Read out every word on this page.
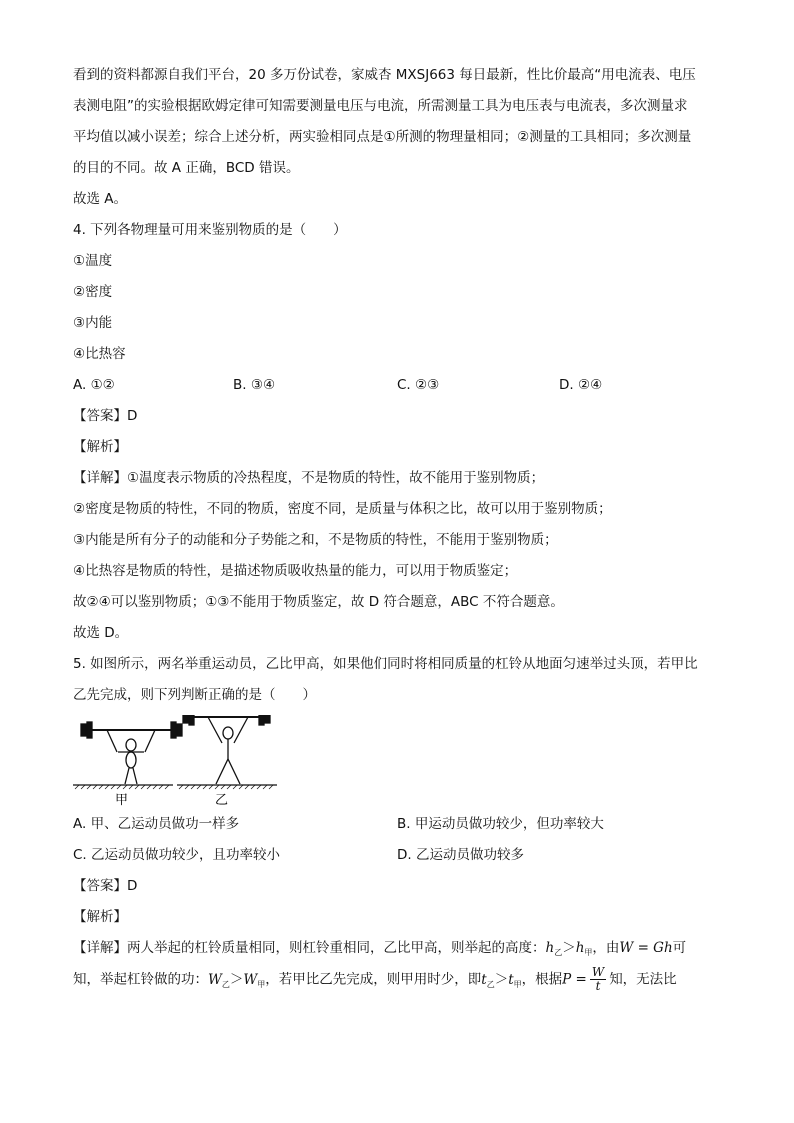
看到的资料都源自我们平台，20 多万份试卷，家威杏 MXSJ663 每日最新，性比价最高“用电流表、电压
表测电阻”的实验根据欧姆定律可知需要测量电压与电流，所需测量工具为电压表与电流表，多次测量求
平均值以减小误差；综合上述分析，两实验相同点是①所测的物理量相同；②测量的工具相同；多次测量
的目的不同。故 A 正确，BCD 错误。
故选 A。
4. 下列各物理量可用来鉴别物质的是（　　）
①温度
②密度
③内能
④比热容
A. ①②	B. ③④	C. ②③	D. ②④
【答案】D
【解析】
【详解】①温度表示物质的冷热程度，不是物质的特性，故不能用于鉴别物质；
②密度是物质的特性，不同的物质，密度不同，是质量与体积之比，故可以用于鉴别物质；
③内能是所有分子的动能和分子势能之和，不是物质的特性，不能用于鉴别物质；
④比热容是物质的特性，是描述物质吸收热量的能力，可以用于物质鉴定；
故②④可以鉴别物质；①③不能用于物质鉴定，故 D 符合题意，ABC 不符合题意。
故选 D。
5. 如图所示，两名举重运动员，乙比甲高，如果他们同时将相同质量的杠铃从地面匀速举过头顶，若甲比
乙先完成，则下列判断正确的是（　　）
甲	乙
A. 甲、乙运动员做功一样多	B. 甲运动员做功较少，但功率较大
C. 乙运动员做功较少，且功率较小	D. 乙运动员做功较多
【答案】D
【解析】
【详解】两人举起的杠铃质量相同，则杠铃重相同，乙比甲高，则举起的高度：$h_乙>h_甲$，由W = Gh可
知，举起杠铃做的功：$W_乙>W_甲$，若甲比乙先完成，则甲用时少，即$t_乙>t_甲$，根据$P = \frac{W}{t}$ 知，无法比
